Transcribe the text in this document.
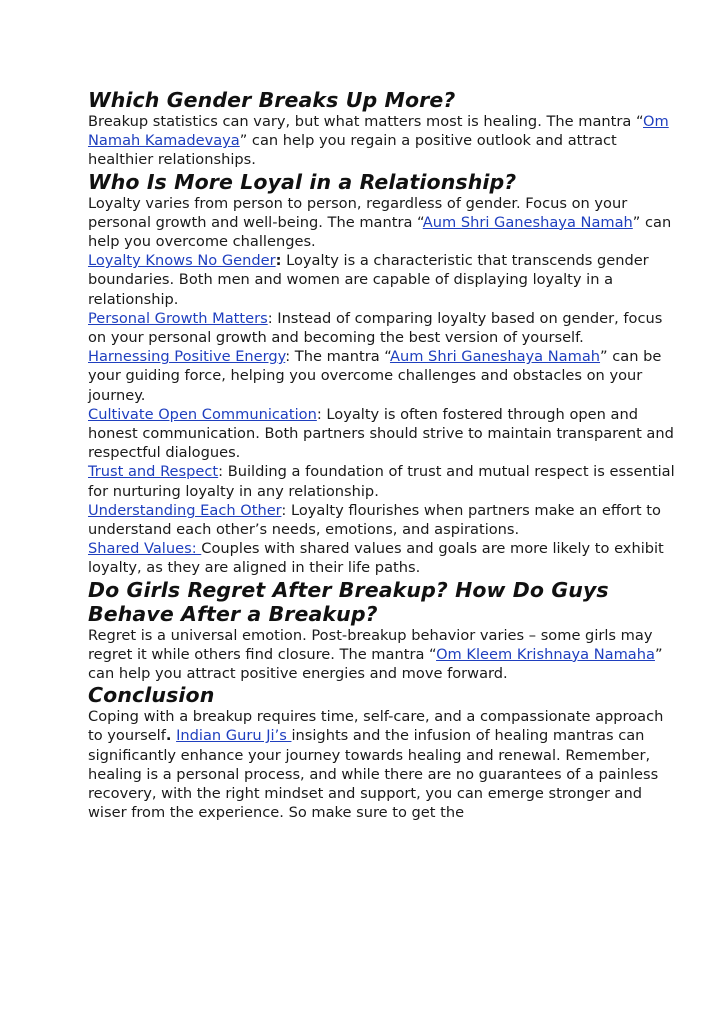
Which Gender Breaks Up More?

Breakup statistics can vary, but what matters most is healing. The mantra “Om Namah Kamadevaya” can help you regain a positive outlook and attract healthier relationships.

Who Is More Loyal in a Relationship?

Loyalty varies from person to person, regardless of gender. Focus on your personal growth and well-being. The mantra “Aum Shri Ganeshaya Namah” can help you overcome challenges.

Loyalty Knows No Gender: Loyalty is a characteristic that transcends gender boundaries. Both men and women are capable of displaying loyalty in a relationship.

Personal Growth Matters: Instead of comparing loyalty based on gender, focus on your personal growth and becoming the best version of yourself.

Harnessing Positive Energy: The mantra “Aum Shri Ganeshaya Namah” can be your guiding force, helping you overcome challenges and obstacles on your journey.

Cultivate Open Communication: Loyalty is often fostered through open and honest communication. Both partners should strive to maintain transparent and respectful dialogues.

Trust and Respect: Building a foundation of trust and mutual respect is essential for nurturing loyalty in any relationship.

Understanding Each Other: Loyalty flourishes when partners make an effort to understand each other’s needs, emotions, and aspirations.

Shared Values: Couples with shared values and goals are more likely to exhibit loyalty, as they are aligned in their life paths.

Do Girls Regret After Breakup? How Do Guys Behave After a Breakup?

Regret is a universal emotion. Post-breakup behavior varies – some girls may regret it while others find closure. The mantra “Om Kleem Krishnaya Namaha” can help you attract positive energies and move forward.

Conclusion

Coping with a breakup requires time, self-care, and a compassionate approach to yourself. Indian Guru Ji’s insights and the infusion of healing mantras can significantly enhance your journey towards healing and renewal. Remember, healing is a personal process, and while there are no guarantees of a painless recovery, with the right mindset and support, you can emerge stronger and wiser from the experience. So make sure to get the
